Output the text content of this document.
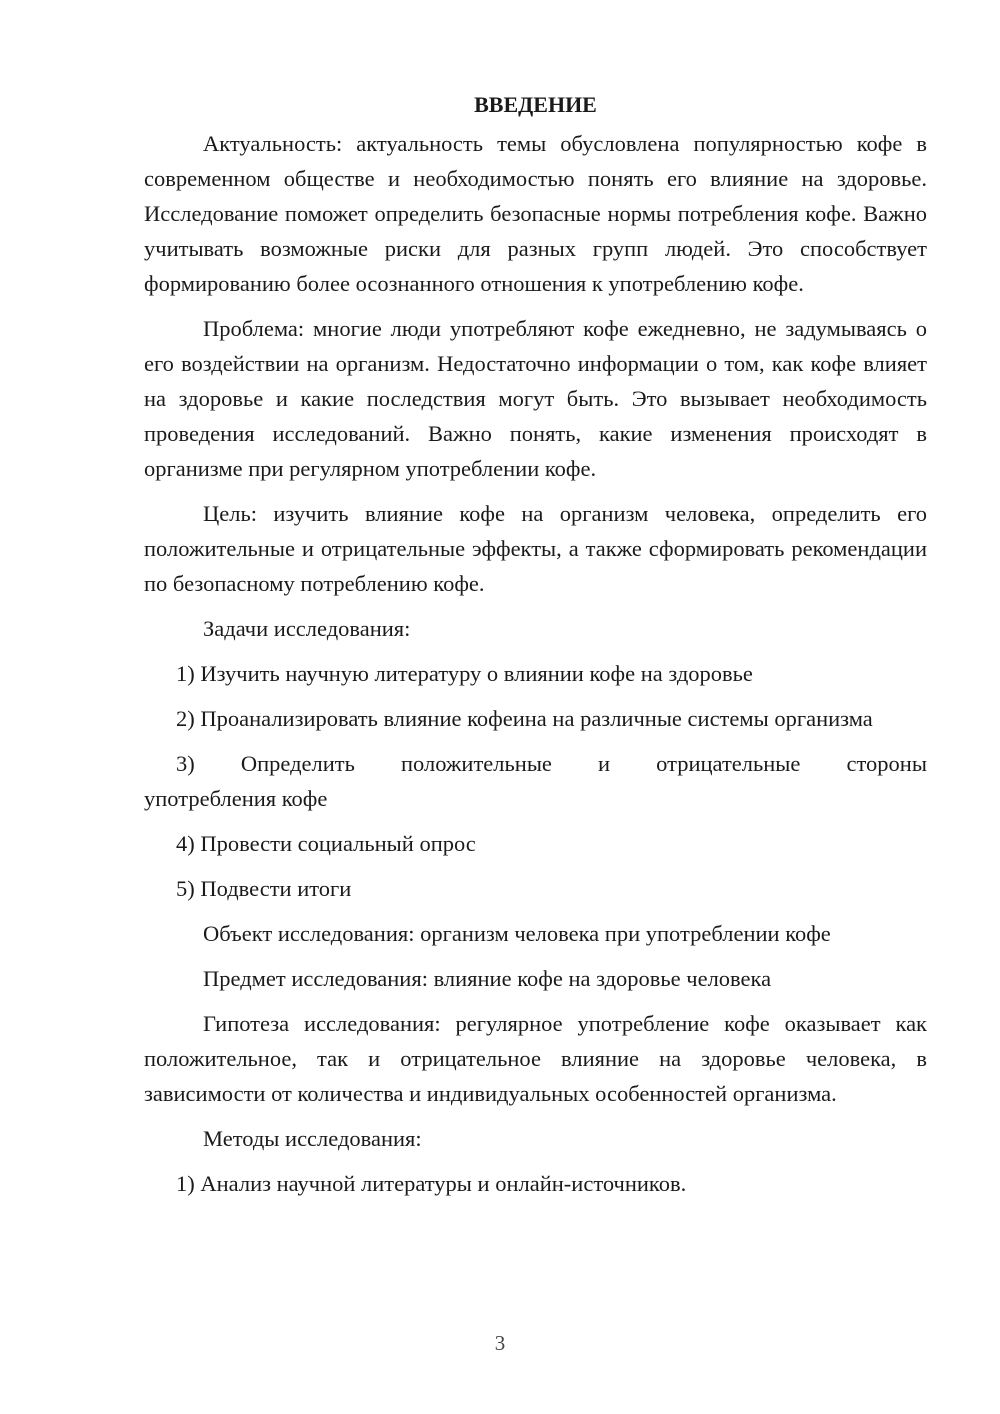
ВВЕДЕНИЕ

Актуальность: актуальность темы обусловлена популярностью кофе в современном обществе и необходимостью понять его влияние на здоровье. Исследование поможет определить безопасные нормы потребления кофе. Важно учитывать возможные риски для разных групп людей. Это способствует формированию более осознанного отношения к употреблению кофе.

Проблема: многие люди употребляют кофе ежедневно, не задумываясь о его воздействии на организм. Недостаточно информации о том, как кофе влияет на здоровье и какие последствия могут быть. Это вызывает необходимость проведения исследований. Важно понять, какие изменения происходят в организме при регулярном употреблении кофе.

Цель: изучить влияние кофе на организм человека, определить его положительные и отрицательные эффекты, а также сформировать рекомендации по безопасному потреблению кофе.

Задачи исследования:

1) Изучить научную литературу о влиянии кофе на здоровье

2) Проанализировать влияние кофеина на различные системы организма

3) Определить положительные и отрицательные стороны
употребления кофе

4) Провести социальный опрос

5) Подвести итоги

Объект исследования: организм человека при употреблении кофе

Предмет исследования: влияние кофе на здоровье человека

Гипотеза исследования: регулярное употребление кофе оказывает как положительное, так и отрицательное влияние на здоровье человека, в зависимости от количества и индивидуальных особенностей организма.

Методы исследования:

1) Анализ научной литературы и онлайн-источников.

3
